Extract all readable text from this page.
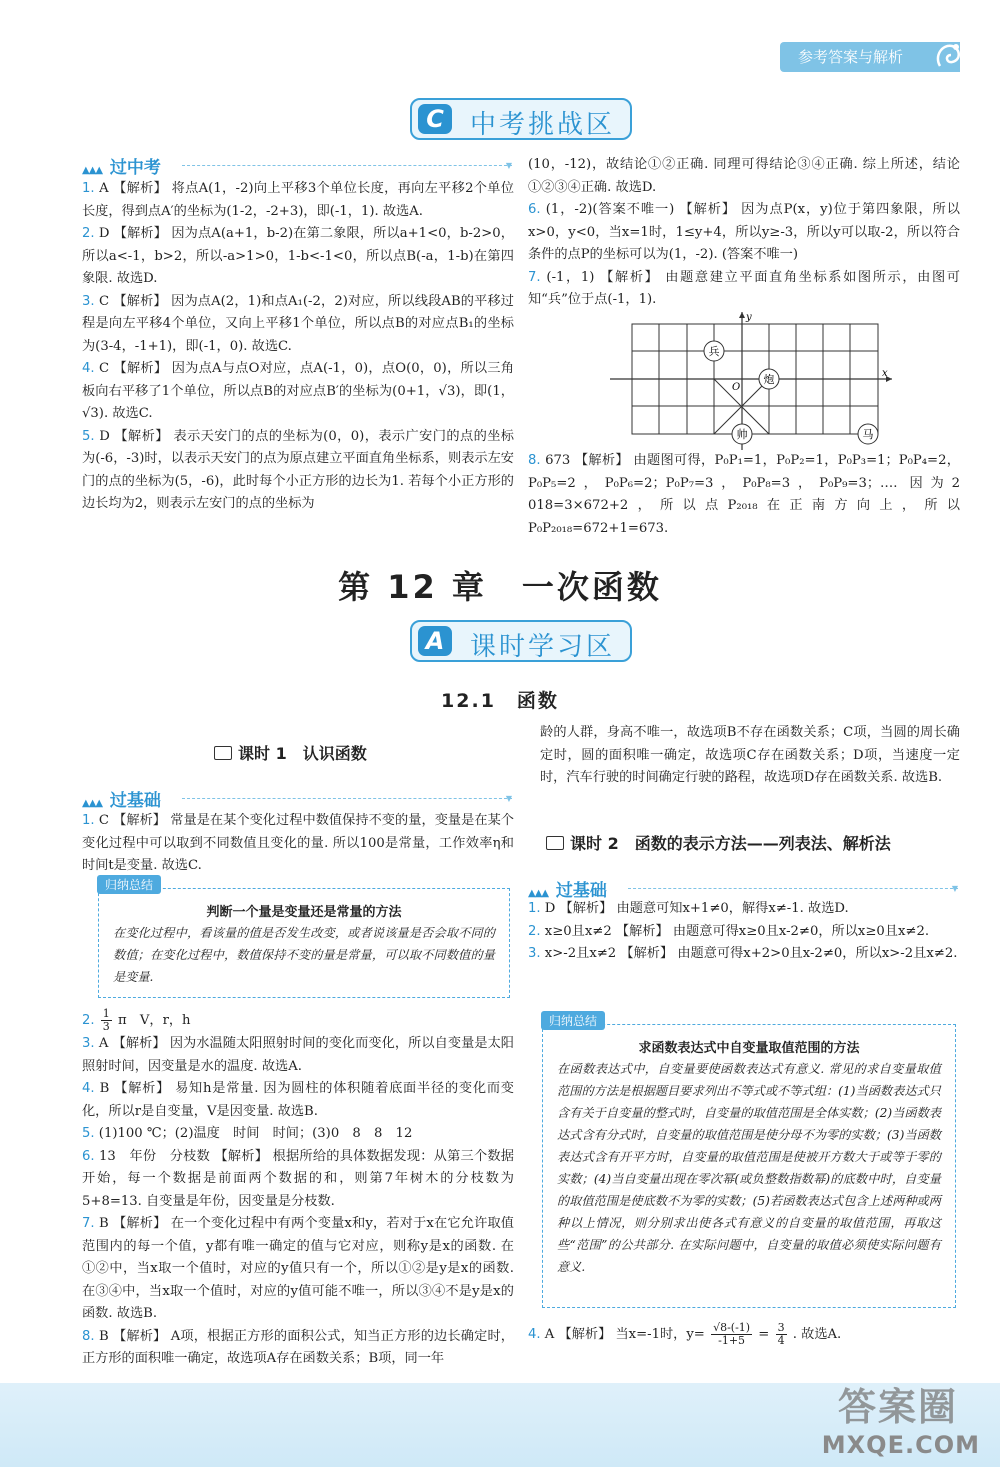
参考答案与解析
C	中考挑战区
▲▲▲ 过中考	▼

1. A 【解析】 将点A(1，-2)向上平移3个单位长度，再向左平移2个单位长度，得到点A′的坐标为(1-2，-2+3)，即(-1，1). 故选A.

2. D 【解析】 因为点A(a+1，b-2)在第二象限，所以a+1<0，b-2>0，所以a<-1，b>2，所以-a>1>0，1-b<-1<0，所以点B(-a，1-b)在第四象限. 故选D.

3. C 【解析】 因为点A(2，1)和点A₁(-2，2)对应，所以线段AB的平移过程是向左平移4个单位，又向上平移1个单位，所以点B的对应点B₁的坐标为(3-4，-1+1)，即(-1，0). 故选C.

4. C 【解析】 因为点A与点O对应，点A(-1，0)，点O(0，0)，所以三角板向右平移了1个单位，所以点B的对应点B′的坐标为(0+1，√3)，即(1，√3). 故选C.

5. D 【解析】 表示天安门的点的坐标为(0，0)，表示广安门的点的坐标为(-6，-3)时，以表示天安门的点为原点建立平面直角坐标系，则表示左安门的点的坐标为(5，-6)，此时每个小正方形的边长为1. 若每个小正方形的边长均为2，则表示左安门的点的坐标为

(10，-12)，故结论①②正确. 同理可得结论③④正确. 综上所述，结论①②③④正确. 故选D.

6. (1，-2)(答案不唯一) 【解析】 因为点P(x，y)位于第四象限，所以x>0，y<0，当x=1时，1≤y+4，所以y≥-3，所以y可以取-2，所以符合条件的点P的坐标可以为(1，-2). (答案不唯一)

7. (-1，1) 【解析】 由题意建立平面直角坐标系如图所示，由图可知“兵”位于点(-1，1).

x
y
O
兵
炮
帅	马

8. 673 【解析】 由题图可得，P₀P₁=1，P₀P₂=1，P₀P₃=1；P₀P₄=2，P₀P₅=2，P₀P₆=2；P₀P₇=3，P₀P₈=3，P₀P₉=3；…. 因为2 018=3×672+2，所以点P₂₀₁₈在正南方向上，所以P₀P₂₀₁₈=672+1=673.

第 12 章　一次函数
A 课时学习区
12.1　函数
课时 1　认识函数
▲▲▲ 过基础	▼

1. C 【解析】 常量是在某个变化过程中数值保持不变的量，变量是在某个变化过程中可以取到不同数值且变化的量. 所以100是常量，工作效率η和时间t是变量. 故选C.

归纳总结
判断一个量是变量还是常量的方法
在变化过程中，看该量的值是否发生改变，或者说该量是否会取不同的数值；在变化过程中，数值保持不变的量是常量，可以取不同数值的量是变量.

2. $\frac{1}{3}$ π　V，r，h

3. A 【解析】 因为水温随太阳照射时间的变化而变化，所以自变量是太阳照射时间，因变量是水的温度. 故选A.

4. B 【解析】 易知h是常量. 因为圆柱的体积随着底面半径的变化而变化，所以r是自变量，V是因变量. 故选B.

5. (1)100 ℃；(2)温度　时间　时间；(3)0　8　8　12

6. 13　年份　分枝数 【解析】 根据所给的具体数据发现：从第三个数据开始，每一个数据是前面两个数据的和，则第7年树木的分枝数为5+8=13. 自变量是年份，因变量是分枝数.

7. B 【解析】 在一个变化过程中有两个变量x和y，若对于x在它允许取值范围内的每一个值，y都有唯一确定的值与它对应，则称y是x的函数. 在①②中，当x取一个值时，对应的y值只有一个，所以①②是y是x的函数. 在③④中，当x取一个值时，对应的y值可能不唯一，所以③④不是y是x的函数. 故选B.

8. B 【解析】 A项，根据正方形的面积公式，知当正方形的边长确定时，正方形的面积唯一确定，故选项A存在函数关系；B项，同一年

龄的人群，身高不唯一，故选项B不存在函数关系；C项，当圆的周长确定时，圆的面积唯一确定，故选项C存在函数关系；D项，当速度一定时，汽车行驶的时间确定行驶的路程，故选项D存在函数关系. 故选B.

课时 2　函数的表示方法——列表法、解析法
▲▲▲ 过基础	▼

1. D 【解析】 由题意可知x+1≠0，解得x≠-1. 故选D.

2. x≥0且x≠2 【解析】 由题意可得x≥0且x-2≠0，所以x≥0且x≠2.

3. x>-2且x≠2 【解析】 由题意可得x+2>0且x-2≠0，所以x>-2且x≠2.

归纳总结
求函数表达式中自变量取值范围的方法
在函数表达式中，自变量要使函数表达式有意义. 常见的求自变量取值范围的方法是根据题目要求列出不等式或不等式组：(1)当函数表达式只含有关于自变量的整式时，自变量的取值范围是全体实数；(2)当函数表达式含有分式时，自变量的取值范围是使分母不为零的实数；(3)当函数表达式含有开平方时，自变量的取值范围是使被开方数大于或等于零的实数；(4)当自变量出现在零次幂(或负整数指数幂)的底数中时，自变量的取值范围是使底数不为零的实数；(5)若函数表达式包含上述两种或两种以上情况，则分别求出使各式有意义的自变量的取值范围，再取这些“范围”的公共部分. 在实际问题中，自变量的取值必须使实际问题有意义.

4. A 【解析】 当x=-1时，$y= \frac{√8-(-1)}{-1+5} = \frac{3}{4}$ . 故选A.

答案圈
MXQE.COM
